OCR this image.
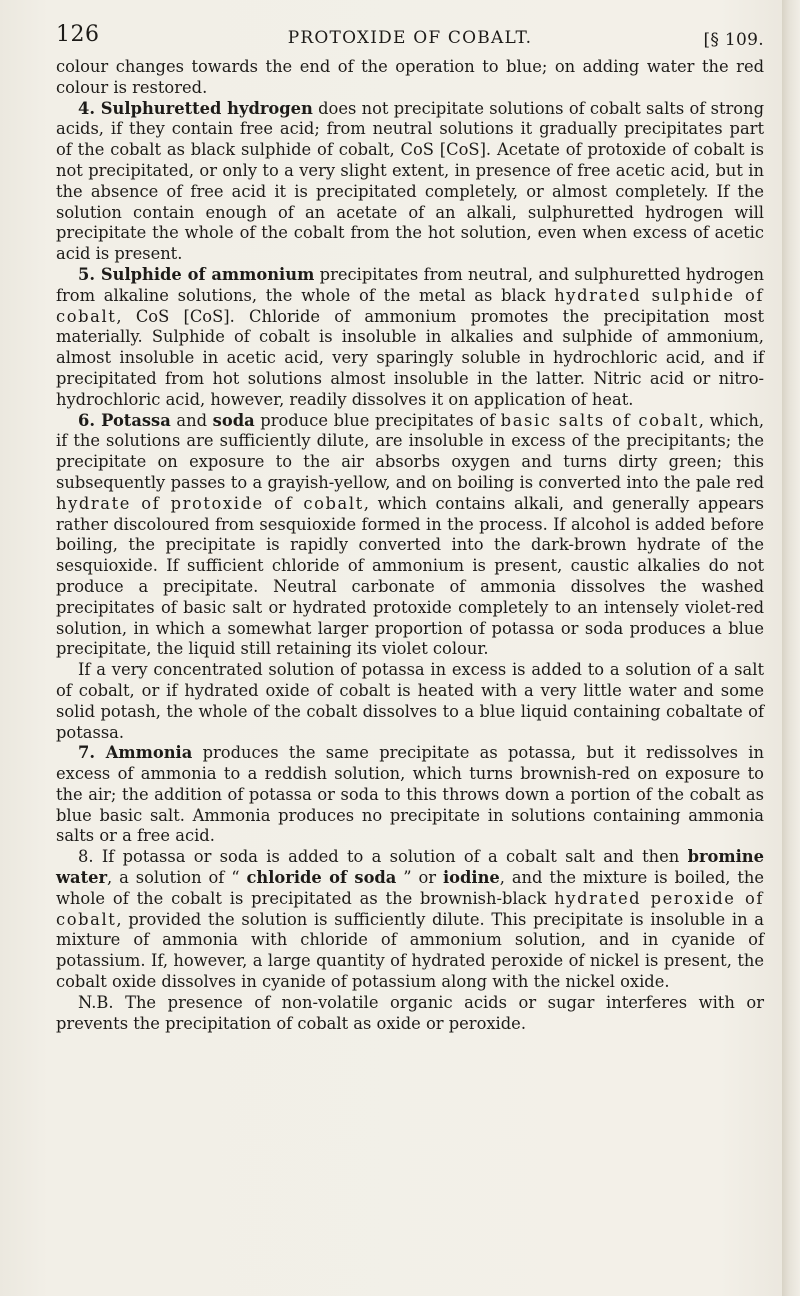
126	PROTOXIDE OF COBALT.	[§ 109.

colour changes towards the end of the operation to blue; on adding water the red colour is restored.

4. Sulphuretted hydrogen does not precipitate solutions of cobalt salts of strong acids, if they contain free acid; from neutral solutions it gradually precipitates part of the cobalt as black sulphide of cobalt, CoS [CoS]. Acetate of protoxide of cobalt is not precipitated, or only to a very slight extent, in presence of free acetic acid, but in the absence of free acid it is precipitated completely, or almost completely. If the solution contain enough of an acetate of an alkali, sulphuretted hydrogen will precipitate the whole of the cobalt from the hot solution, even when excess of acetic acid is present.

5. Sulphide of ammonium precipitates from neutral, and sulphuretted hydrogen from alkaline solutions, the whole of the metal as black hydrated sulphide of cobalt, CoS [CoS]. Chloride of ammonium promotes the precipitation most materially. Sulphide of cobalt is insoluble in alkalies and sulphide of ammonium, almost insoluble in acetic acid, very sparingly soluble in hydrochloric acid, and if precipitated from hot solutions almost insoluble in the latter. Nitric acid or nitro-hydrochloric acid, however, readily dissolves it on application of heat.

6. Potassa and soda produce blue precipitates of basic salts of cobalt, which, if the solutions are sufficiently dilute, are insoluble in excess of the precipitants; the precipitate on exposure to the air absorbs oxygen and turns dirty green; this subsequently passes to a grayish-yellow, and on boiling is converted into the pale red hydrate of protoxide of cobalt, which contains alkali, and generally appears rather discoloured from sesquioxide formed in the process. If alcohol is added before boiling, the precipitate is rapidly converted into the dark-brown hydrate of the sesquioxide. If sufficient chloride of ammonium is present, caustic alkalies do not produce a precipitate. Neutral carbonate of ammonia dissolves the washed precipitates of basic salt or hydrated protoxide completely to an intensely violet-red solution, in which a somewhat larger proportion of potassa or soda produces a blue precipitate, the liquid still retaining its violet colour.

If a very concentrated solution of potassa in excess is added to a solution of a salt of cobalt, or if hydrated oxide of cobalt is heated with a very little water and some solid potash, the whole of the cobalt dissolves to a blue liquid containing cobaltate of potassa.

7. Ammonia produces the same precipitate as potassa, but it redissolves in excess of ammonia to a reddish solution, which turns brownish-red on exposure to the air; the addition of potassa or soda to this throws down a portion of the cobalt as blue basic salt. Ammonia produces no precipitate in solutions containing ammonia salts or a free acid.

8. If potassa or soda is added to a solution of a cobalt salt and then bromine water, a solution of “ chloride of soda ” or iodine, and the mixture is boiled, the whole of the cobalt is precipitated as the brownish-black hydrated peroxide of cobalt, provided the solution is sufficiently dilute. This precipitate is insoluble in a mixture of ammonia with chloride of ammonium solution, and in cyanide of potassium. If, however, a large quantity of hydrated peroxide of nickel is present, the cobalt oxide dissolves in cyanide of potassium along with the nickel oxide.

N.B. The presence of non-volatile organic acids or sugar interferes with or prevents the precipitation of cobalt as oxide or peroxide.
